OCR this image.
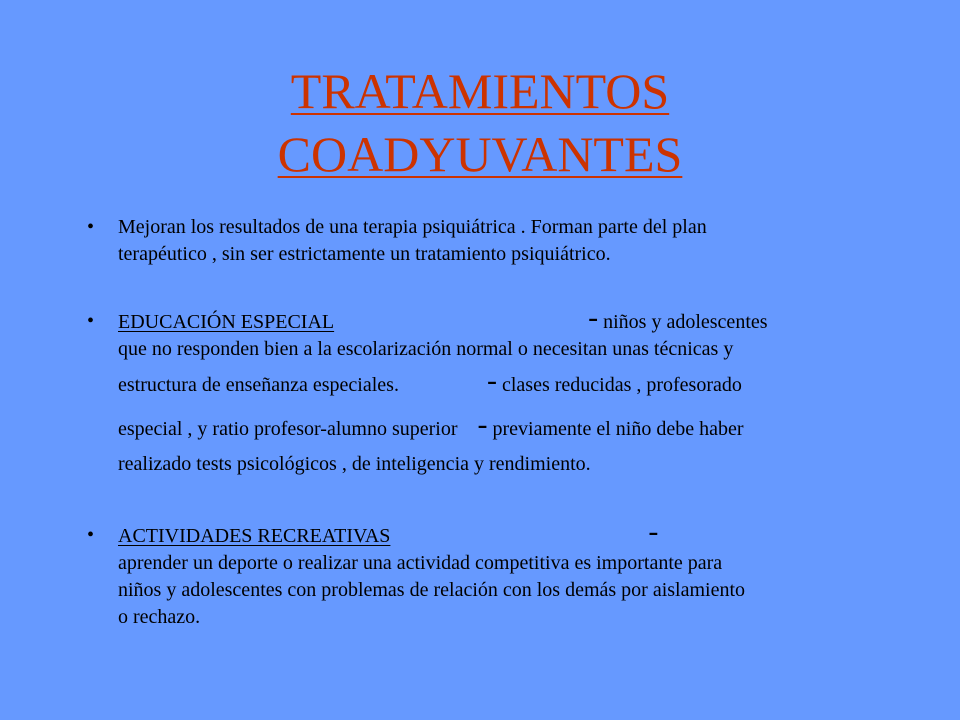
TRATAMIENTOS
COADYUVANTES
• Mejoran los resultados de una terapia psiquiátrica . Forman parte del plan
terapéutico , sin ser estrictamente un tratamiento psiquiátrico.
• EDUCACIÓN ESPECIAL	- niños y adolescentes
que no responden bien a la escolarización normal o necesitan unas técnicas y
estructura de enseñanza especiales.	- clases reducidas , profesorado
especial , y ratio profesor-alumno superior - previamente el niño debe haber
realizado tests psicológicos , de inteligencia y rendimiento.
• ACTIVIDADES RECREATIVAS	-
aprender un deporte o realizar una actividad competitiva es importante para
niños y adolescentes con problemas de relación con los demás por aislamiento
o rechazo.
